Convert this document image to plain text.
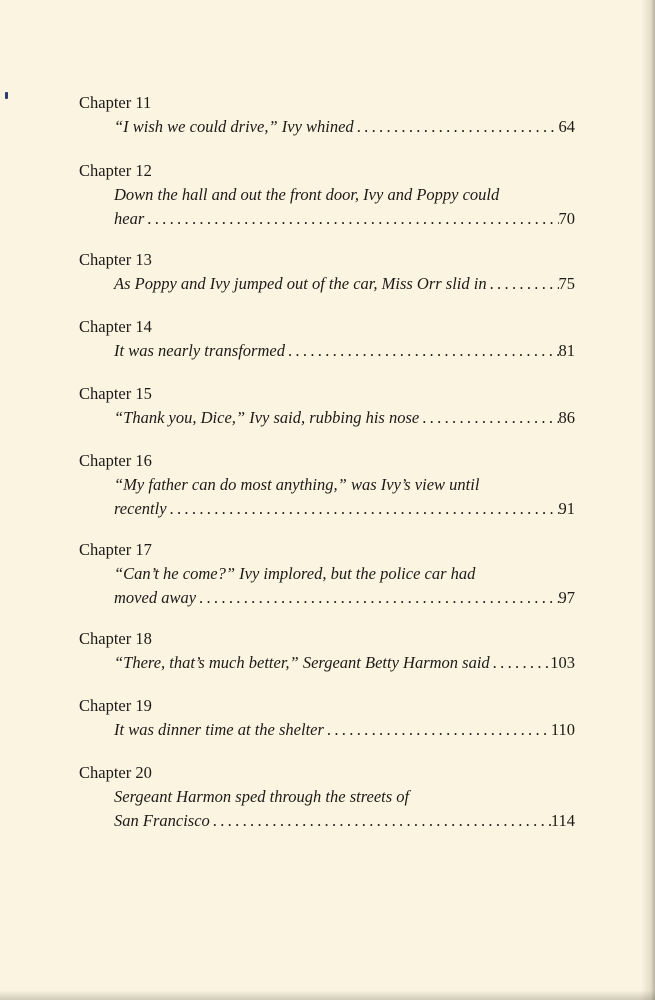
Chapter 11
“I wish we could drive,” Ivy whined . . .	64
Chapter 12
Down the hall and out the front door, Ivy and Poppy could
hear . . .	70
Chapter 13
As Poppy and Ivy jumped out of the car, Miss Orr slid in . . .	75
Chapter 14
It was nearly transformed . . .	81
Chapter 15
“Thank you, Dice,” Ivy said, rubbing his nose . . .	86
Chapter 16
“My father can do most anything,” was Ivy’s view until
recently . . .	91
Chapter 17
“Can’t he come?” Ivy implored, but the police car had
moved away . . .	97
Chapter 18
“There, that’s much better,” Sergeant Betty Harmon said . . .	103
Chapter 19
It was dinner time at the shelter . . .	110
Chapter 20
Sergeant Harmon sped through the streets of
San Francisco . . .	114
